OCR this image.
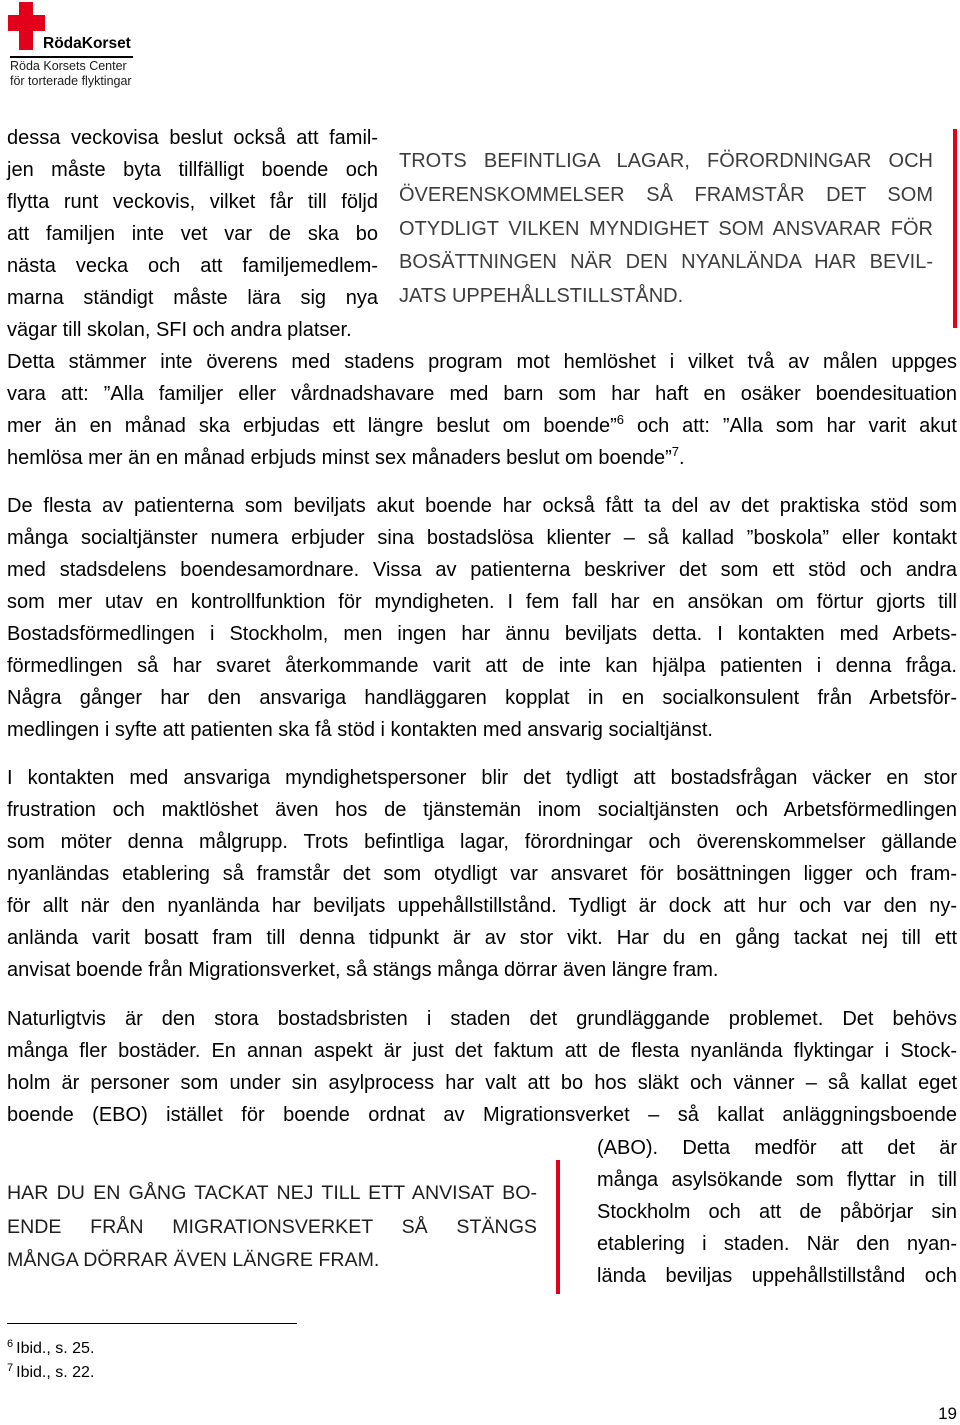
RödaKorset
Röda Korsets Center
för torterade flyktingar
dessa veckovisa beslut också att famil-
jen måste byta tillfälligt boende och
flytta runt veckovis, vilket får till följd
att familjen inte vet var de ska bo
nästa vecka och att familjemedlem-
marna ständigt måste lära sig nya
vägar till skolan, SFI och andra platser.
TROTS BEFINTLIGA LAGAR, FÖRORDNINGAR OCH
ÖVERENSKOMMELSER SÅ FRAMSTÅR DET SOM
OTYDLIGT VILKEN MYNDIGHET SOM ANSVARAR FÖR
BOSÄTTNINGEN NÄR DEN NYANLÄNDA HAR BEVIL-
JATS UPPEHÅLLSTILLSTÅND.
Detta stämmer inte överens med stadens program mot hemlöshet i vilket två av målen uppges
vara att: ”Alla familjer eller vårdnadshavare med barn som har haft en osäker boendesituation
mer än en månad ska erbjudas ett längre beslut om boende”$^6$ och att: ”Alla som har varit akut
hemlösa mer än en månad erbjuds minst sex månaders beslut om boende”$^7$.
De flesta av patienterna som beviljats akut boende har också fått ta del av det praktiska stöd som
många socialtjänster numera erbjuder sina bostadslösa klienter – så kallad ”boskola” eller kontakt
med stadsdelens boendesamordnare. Vissa av patienterna beskriver det som ett stöd och andra
som mer utav en kontrollfunktion för myndigheten. I fem fall har en ansökan om förtur gjorts till
Bostadsförmedlingen i Stockholm, men ingen har ännu beviljats detta. I kontakten med Arbets-
förmedlingen så har svaret återkommande varit att de inte kan hjälpa patienten i denna fråga.
Några gånger har den ansvariga handläggaren kopplat in en socialkonsulent från Arbetsför-
medlingen i syfte att patienten ska få stöd i kontakten med ansvarig socialtjänst.
I kontakten med ansvariga myndighetspersoner blir det tydligt att bostadsfrågan väcker en stor
frustration och maktlöshet även hos de tjänstemän inom socialtjänsten och Arbetsförmedlingen
som möter denna målgrupp. Trots befintliga lagar, förordningar och överenskommelser gällande
nyanländas etablering så framstår det som otydligt var ansvaret för bosättningen ligger och fram-
för allt när den nyanlända har beviljats uppehållstillstånd. Tydligt är dock att hur och var den ny-
anlända varit bosatt fram till denna tidpunkt är av stor vikt. Har du en gång tackat nej till ett
anvisat boende från Migrationsverket, så stängs många dörrar även längre fram.
Naturligtvis är den stora bostadsbristen i staden det grundläggande problemet. Det behövs
många fler bostäder. En annan aspekt är just det faktum att de flesta nyanlända flyktingar i Stock-
holm är personer som under sin asylprocess har valt att bo hos släkt och vänner – så kallat eget
boende (EBO) istället för boende ordnat av Migrationsverket – så kallat anläggningsboende
(ABO). Detta medför att det är
många asylsökande som flyttar in till
Stockholm och att de påbörjar sin
etablering i staden. När den nyan-
lända beviljas uppehållstillstånd och
HAR DU EN GÅNG TACKAT NEJ TILL ETT ANVISAT BO-
ENDE FRÅN MIGRATIONSVERKET SÅ STÄNGS
MÅNGA DÖRRAR ÄVEN LÄNGRE FRAM.
$^6$ Ibid., s. 25.
$^7$ Ibid., s. 22.
19
